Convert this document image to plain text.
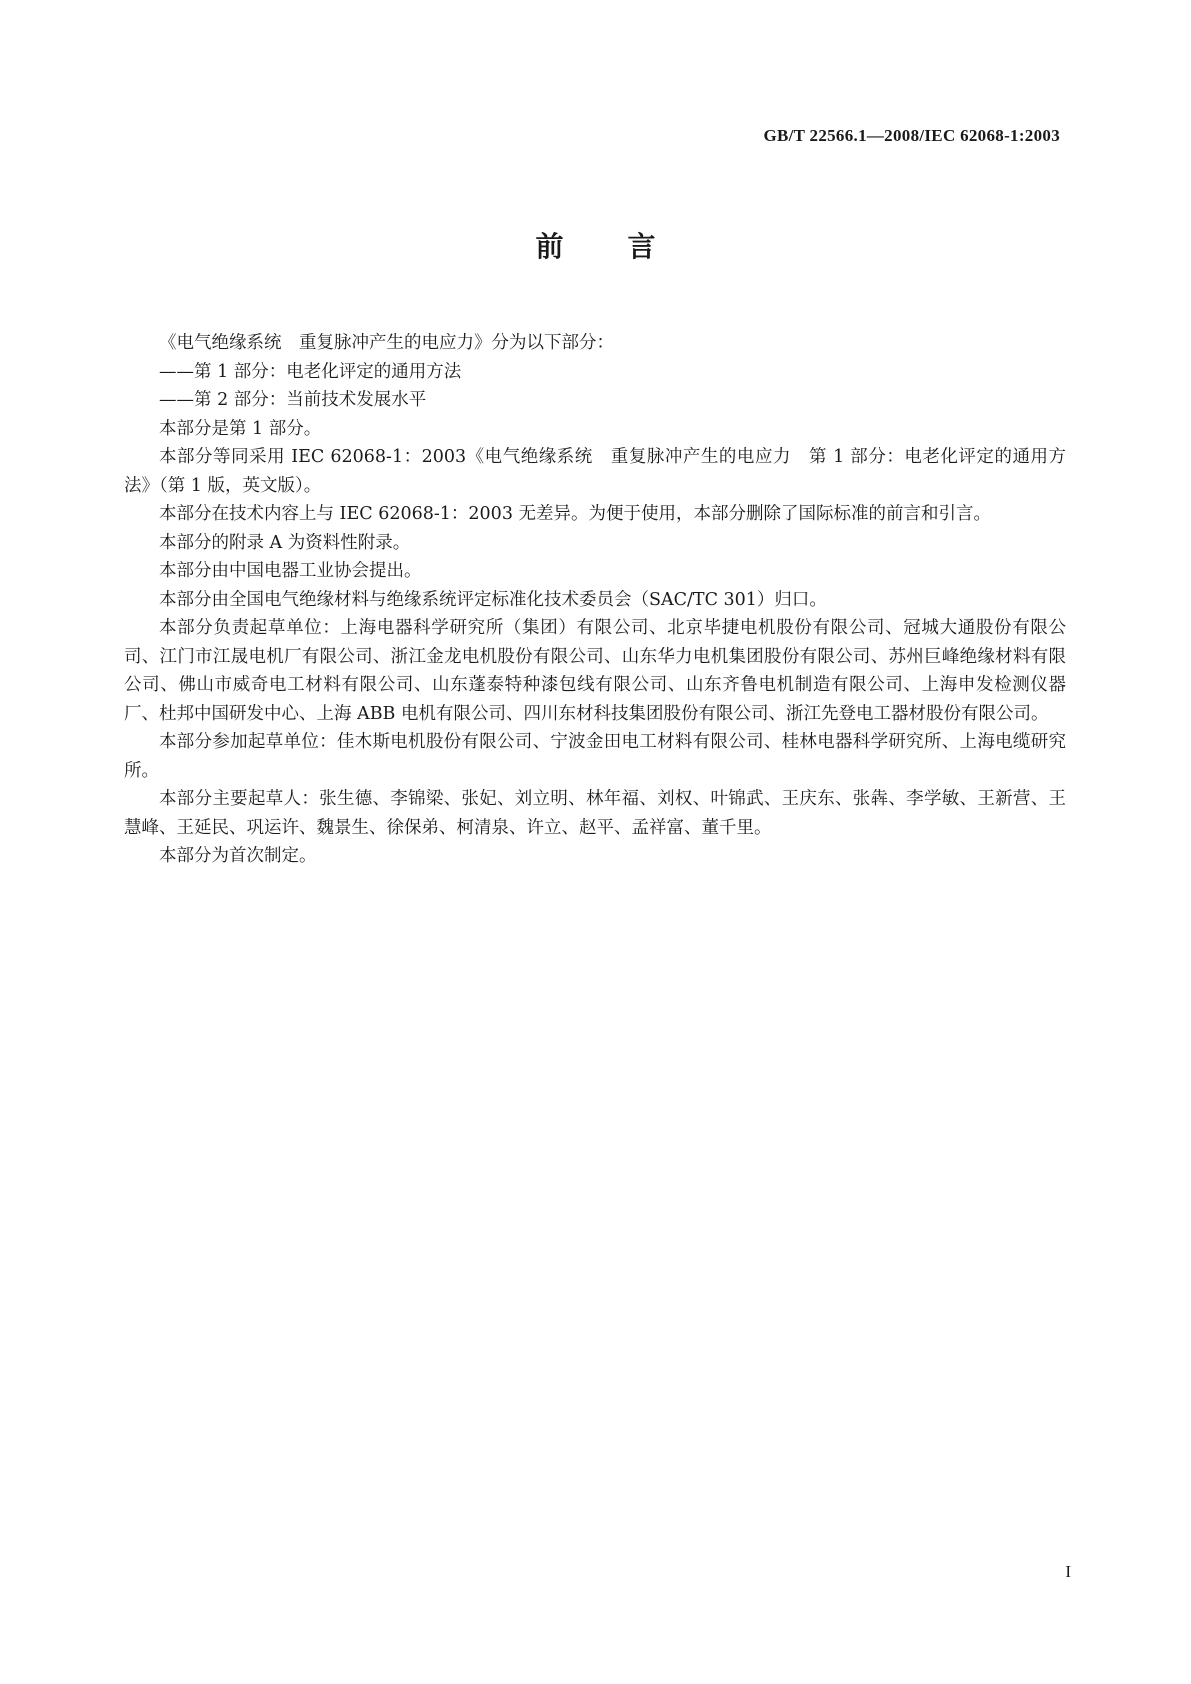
GB/T 22566.1—2008/IEC 62068-1:2003
前言

《电气绝缘系统　重复脉冲产生的电应力》分为以下部分：

——第 1 部分：电老化评定的通用方法

——第 2 部分：当前技术发展水平

本部分是第 1 部分。

本部分等同采用 IEC 62068-1：2003《电气绝缘系统　重复脉冲产生的电应力　第 1 部分：电老化评定的通用方法》（第 1 版，英文版）。

本部分在技术内容上与 IEC 62068-1：2003 无差异。为便于使用，本部分删除了国际标准的前言和引言。

本部分的附录 A 为资料性附录。

本部分由中国电器工业协会提出。

本部分由全国电气绝缘材料与绝缘系统评定标准化技术委员会（SAC/TC 301）归口。

本部分负责起草单位：上海电器科学研究所（集团）有限公司、北京毕捷电机股份有限公司、冠城大通股份有限公司、江门市江晟电机厂有限公司、浙江金龙电机股份有限公司、山东华力电机集团股份有限公司、苏州巨峰绝缘材料有限公司、佛山市威奇电工材料有限公司、山东蓬泰特种漆包线有限公司、山东齐鲁电机制造有限公司、上海申发检测仪器厂、杜邦中国研发中心、上海 ABB 电机有限公司、四川东材科技集团股份有限公司、浙江先登电工器材股份有限公司。

本部分参加起草单位：佳木斯电机股份有限公司、宁波金田电工材料有限公司、桂林电器科学研究所、上海电缆研究所。

本部分主要起草人：张生德、李锦梁、张妃、刘立明、林年福、刘权、叶锦武、王庆东、张犇、李学敏、王新营、王慧峰、王延民、巩运许、魏景生、徐保弟、柯清泉、许立、赵平、孟祥富、董千里。

本部分为首次制定。

I
